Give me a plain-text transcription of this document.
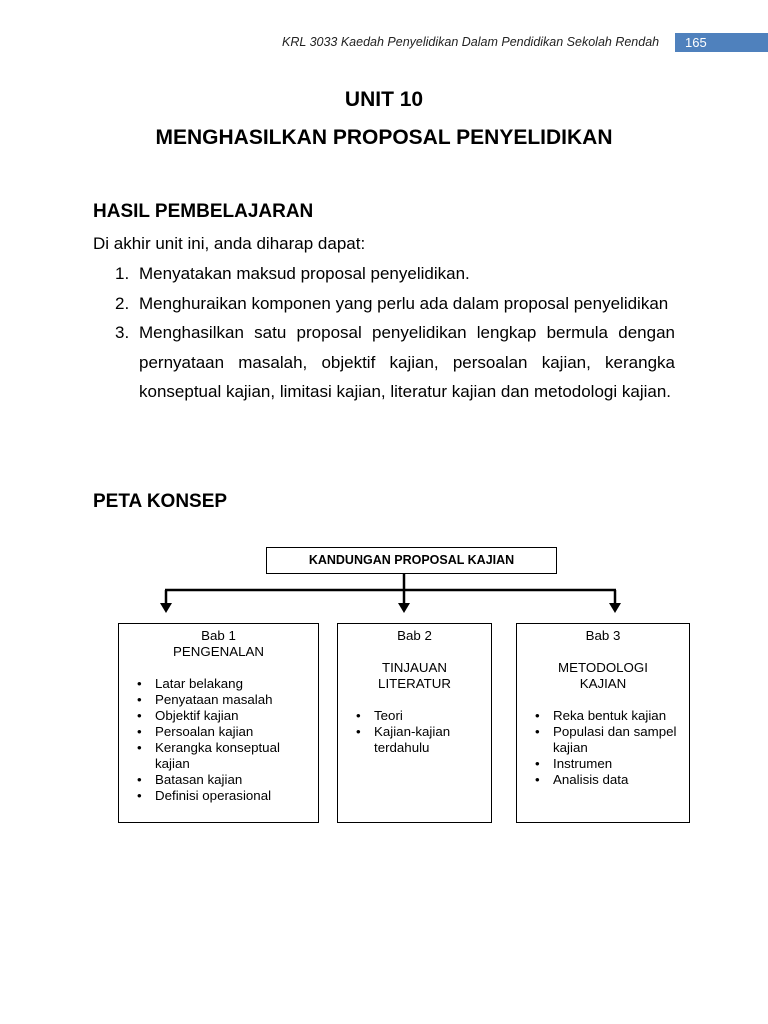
KRL 3033 Kaedah Penyelidikan Dalam Pendidikan Sekolah Rendah	165
UNIT 10
MENGHASILKAN PROPOSAL PENYELIDIKAN
HASIL PEMBELAJARAN
Di akhir unit ini, anda diharap dapat:
1. Menyatakan maksud proposal penyelidikan.
2. Menghuraikan komponen yang perlu ada dalam proposal penyelidikan
3. Menghasilkan satu proposal penyelidikan lengkap bermula dengan pernyataan masalah, objektif kajian, persoalan kajian, kerangka konseptual kajian, limitasi kajian, literatur kajian dan metodologi kajian.
PETA KONSEP
KANDUNGAN PROPOSAL KAJIAN
Bab 1
PENGENALAN
• Latar belakang
• Penyataan masalah
• Objektif kajian
• Persoalan kajian
• Kerangka konseptual kajian
• Batasan kajian
• Definisi operasional
Bab 2
TINJAUAN LITERATUR
• Teori
• Kajian-kajian terdahulu
Bab 3
METODOLOGI KAJIAN
• Reka bentuk kajian
• Populasi dan sampel kajian
• Instrumen
• Analisis data
